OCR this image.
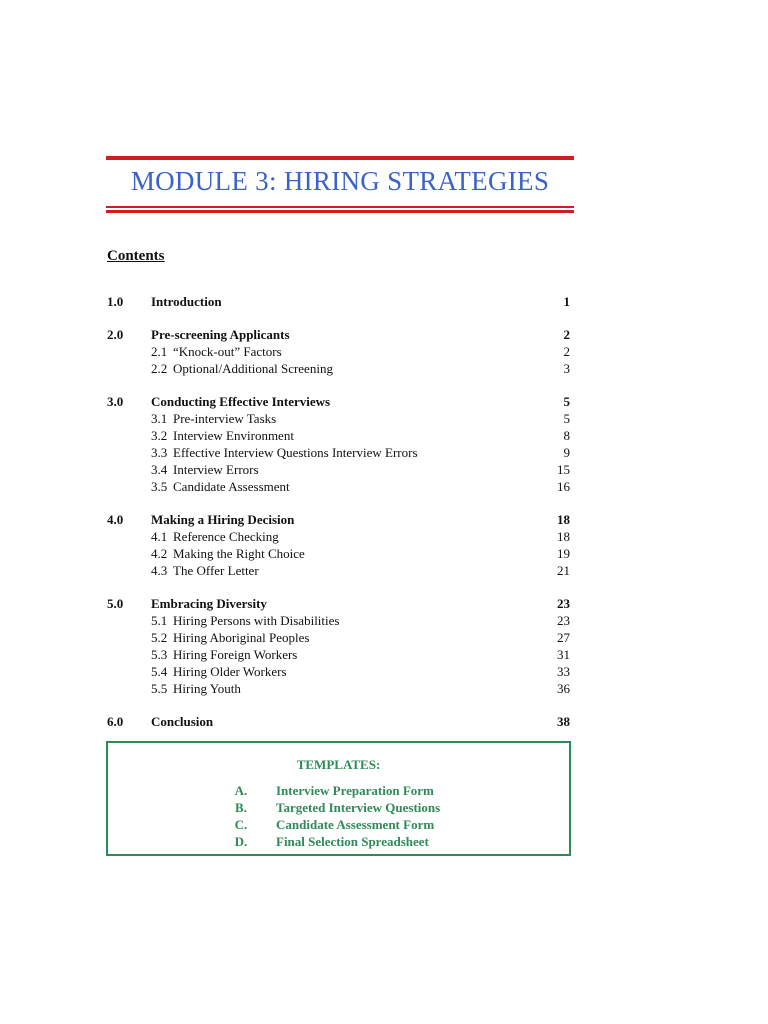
MODULE 3: HIRING STRATEGIES
Contents
1.0 Introduction	1
2.0 Pre-screening Applicants	2
2.1 “Knock-out” Factors	2
2.2 Optional/Additional Screening	3
3.0 Conducting Effective Interviews	5
3.1 Pre-interview Tasks	5
3.2 Interview Environment	8
3.3 Effective Interview Questions Interview Errors	9
3.4 Interview Errors	15
3.5 Candidate Assessment	16
4.0 Making a Hiring Decision	18
4.1 Reference Checking	18
4.2 Making the Right Choice	19
4.3 The Offer Letter	21
5.0 Embracing Diversity	23
5.1 Hiring Persons with Disabilities	23
5.2 Hiring Aboriginal Peoples	27
5.3 Hiring Foreign Workers	31
5.4 Hiring Older Workers	33
5.5 Hiring Youth	36
6.0 Conclusion	38
TEMPLATES:
A.	Interview Preparation Form
B.	Targeted Interview Questions
C.	Candidate Assessment Form
D.	Final Selection Spreadsheet
